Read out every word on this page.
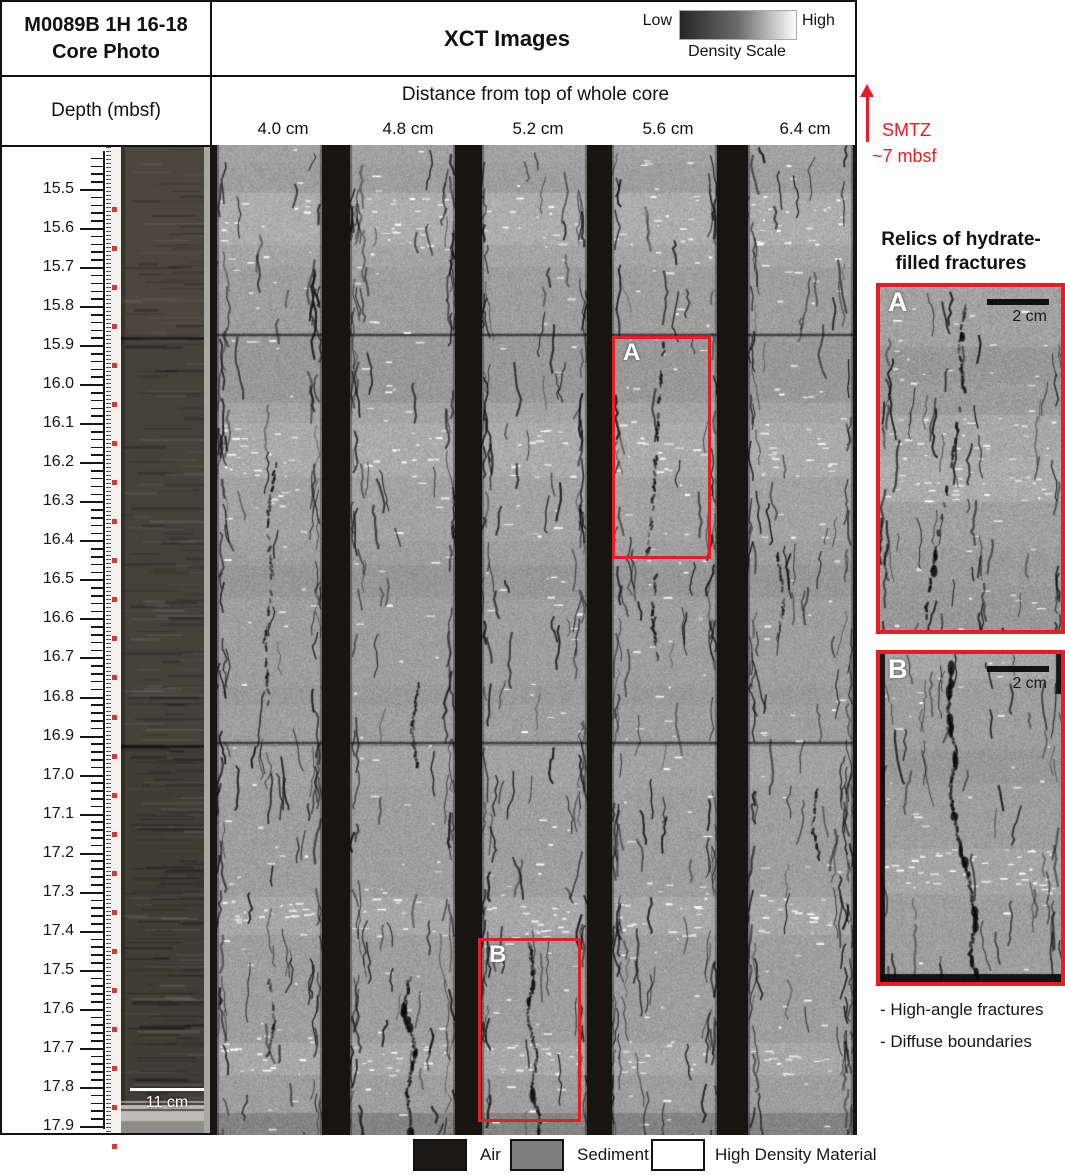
M0089B 1H 16-18
Core Photo
XCT Images
Low	High
Density Scale
Depth (mbsf)
Distance from top of whole core
4.0 cm	4.8 cm	5.2 cm	5.6 cm	6.4 cm	SMTZ
~7 mbsf
15.5
15.6
15.7
15.8
15.9
16.0
16.1
16.2
16.3
16.4
16.5
16.6
16.7
16.8
16.9
17.0
17.1
17.2
17.3
17.4
17.5
17.6
17.7
17.8
17.9
11 cm
A
B
Relics of hydrate-
filled fractures
A	2 cm
B	2 cm
- High-angle fractures
- Diffuse boundaries
Air	Sediment	High Density Material
